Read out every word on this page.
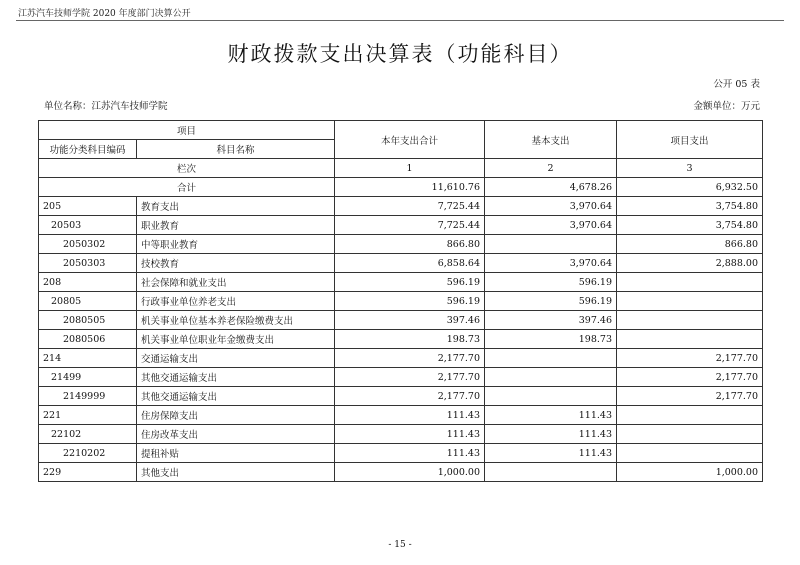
江苏汽车技师学院 2020 年度部门决算公开
财政拨款支出决算表（功能科目）
公开 05 表
单位名称：江苏汽车技师学院	金额单位：万元
项目		本年支出合计	基本支出	项目支出
功能分类科目编码	科目名称			
栏次		1	2	3
合计		11,610.76	4,678.26	6,932.50
205	教育支出	7,725.44	3,970.64	3,754.80
20503	职业教育	7,725.44	3,970.64	3,754.80
2050302	中等职业教育	866.80		866.80
2050303	技校教育	6,858.64	3,970.64	2,888.00
208	社会保障和就业支出	596.19	596.19	
20805	行政事业单位养老支出	596.19	596.19	
2080505	机关事业单位基本养老保险缴费支出	397.46	397.46	
2080506	机关事业单位职业年金缴费支出	198.73	198.73	
214	交通运输支出	2,177.70		2,177.70
21499	其他交通运输支出	2,177.70		2,177.70
2149999	其他交通运输支出	2,177.70		2,177.70
221	住房保障支出	111.43	111.43	
22102	住房改革支出	111.43	111.43	
2210202	提租补贴	111.43	111.43	
229	其他支出	1,000.00		1,000.00
- 15 -
